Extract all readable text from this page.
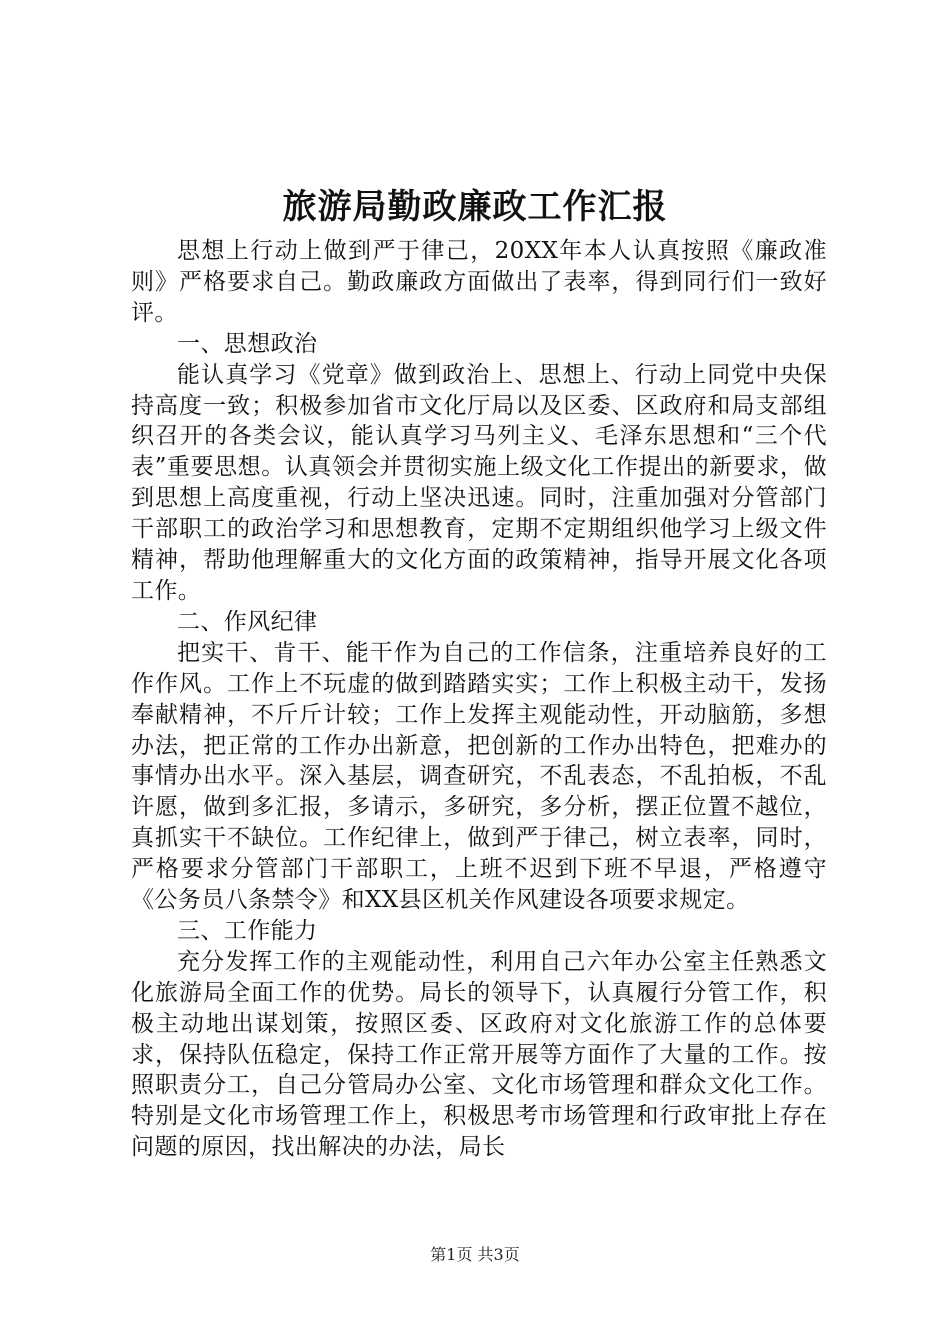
旅游局勤政廉政工作汇报

思想上行动上做到严于律己，20XX年本人认真按照《廉政准则》严格要求自己。勤政廉政方面做出了表率，得到同行们一致好评。

一、思想政治

能认真学习《党章》做到政治上、思想上、行动上同党中央保持高度一致；积极参加省市文化厅局以及区委、区政府和局支部组织召开的各类会议，能认真学习马列主义、毛泽东思想和“三个代表”重要思想。认真领会并贯彻实施上级文化工作提出的新要求，做到思想上高度重视，行动上坚决迅速。同时，注重加强对分管部门干部职工的政治学习和思想教育，定期不定期组织他学习上级文件精神，帮助他理解重大的文化方面的政策精神，指导开展文化各项工作。

二、作风纪律

把实干、肯干、能干作为自己的工作信条，注重培养良好的工作作风。工作上不玩虚的做到踏踏实实；工作上积极主动干，发扬奉献精神，不斤斤计较；工作上发挥主观能动性，开动脑筋，多想办法，把正常的工作办出新意，把创新的工作办出特色，把难办的事情办出水平。深入基层，调查研究，不乱表态，不乱拍板，不乱许愿，做到多汇报，多请示，多研究，多分析，摆正位置不越位，真抓实干不缺位。工作纪律上，做到严于律己，树立表率，同时，严格要求分管部门干部职工，上班不迟到下班不早退，严格遵守《公务员八条禁令》和XX县区机关作风建设各项要求规定。

三、工作能力

充分发挥工作的主观能动性，利用自己六年办公室主任熟悉文化旅游局全面工作的优势。局长的领导下，认真履行分管工作，积极主动地出谋划策，按照区委、区政府对文化旅游工作的总体要求，保持队伍稳定，保持工作正常开展等方面作了大量的工作。按照职责分工，自己分管局办公室、文化市场管理和群众文化工作。特别是文化市场管理工作上，积极思考市场管理和行政审批上存在问题的原因，找出解决的办法，局长

第1页 共3页
